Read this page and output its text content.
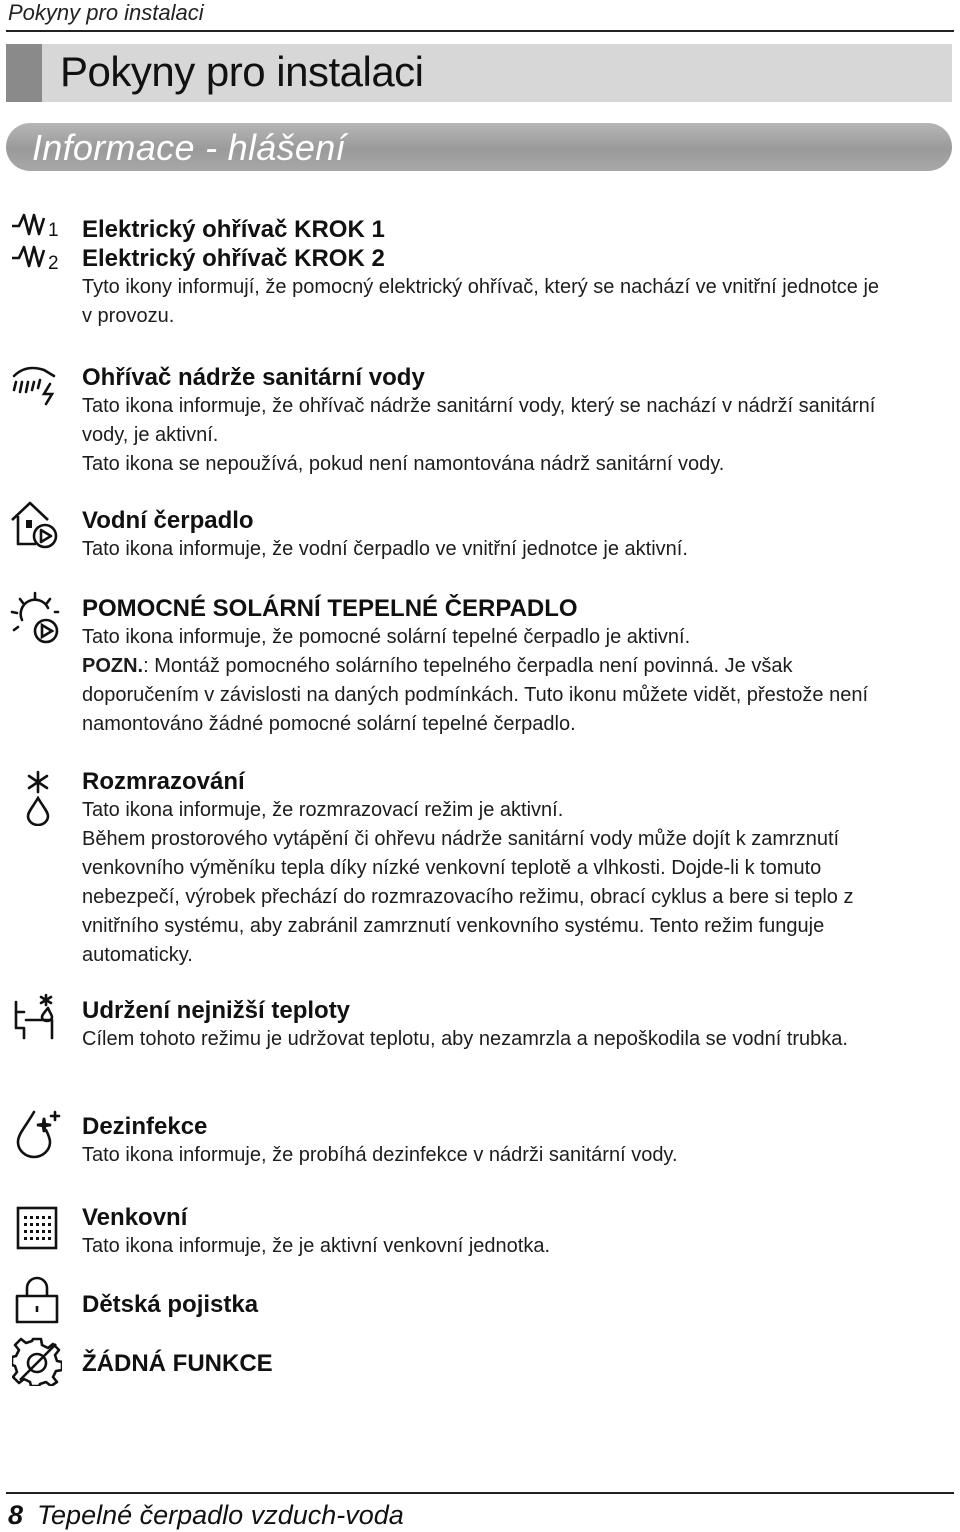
Pokyny pro instalaci
Pokyny pro instalaci
Informace - hlášení
1
2
Elektrický ohřívač KROK 1
Elektrický ohřívač KROK 2
Tyto ikony informují, že pomocný elektrický ohřívač, který se nachází ve vnitřní jednotce je
v provozu.
Ohřívač nádrže sanitární vody
Tato ikona informuje, že ohřívač nádrže sanitární vody, který se nachází v nádrží sanitární
vody, je aktivní.
Tato ikona se nepoužívá, pokud není namontována nádrž sanitární vody.
Vodní čerpadlo
Tato ikona informuje, že vodní čerpadlo ve vnitřní jednotce je aktivní.
POMOCNÉ SOLÁRNÍ TEPELNÉ ČERPADLO
Tato ikona informuje, že pomocné solární tepelné čerpadlo je aktivní.
POZN.: Montáž pomocného solárního tepelného čerpadla není povinná. Je však
doporučením v závislosti na daných podmínkách. Tuto ikonu můžete vidět, přestože není
namontováno žádné pomocné solární tepelné čerpadlo.
Rozmrazování
Tato ikona informuje, že rozmrazovací režim je aktivní.
Během prostorového vytápění či ohřevu nádrže sanitární vody může dojít k zamrznutí
venkovního výměníku tepla díky nízké venkovní teplotě a vlhkosti. Dojde-li k tomuto
nebezpečí, výrobek přechází do rozmrazovacího režimu, obrací cyklus a bere si teplo z
vnitřního systému, aby zabránil zamrznutí venkovního systému. Tento režim funguje
automaticky.
Udržení nejnižší teploty
Cílem tohoto režimu je udržovat teplotu, aby nezamrzla a nepoškodila se vodní trubka.
Dezinfekce
Tato ikona informuje, že probíhá dezinfekce v nádrži sanitární vody.
Venkovní
Tato ikona informuje, že je aktivní venkovní jednotka.
Dětská pojistka
ŽÁDNÁ FUNKCE
8 Tepelné čerpadlo vzduch-voda
